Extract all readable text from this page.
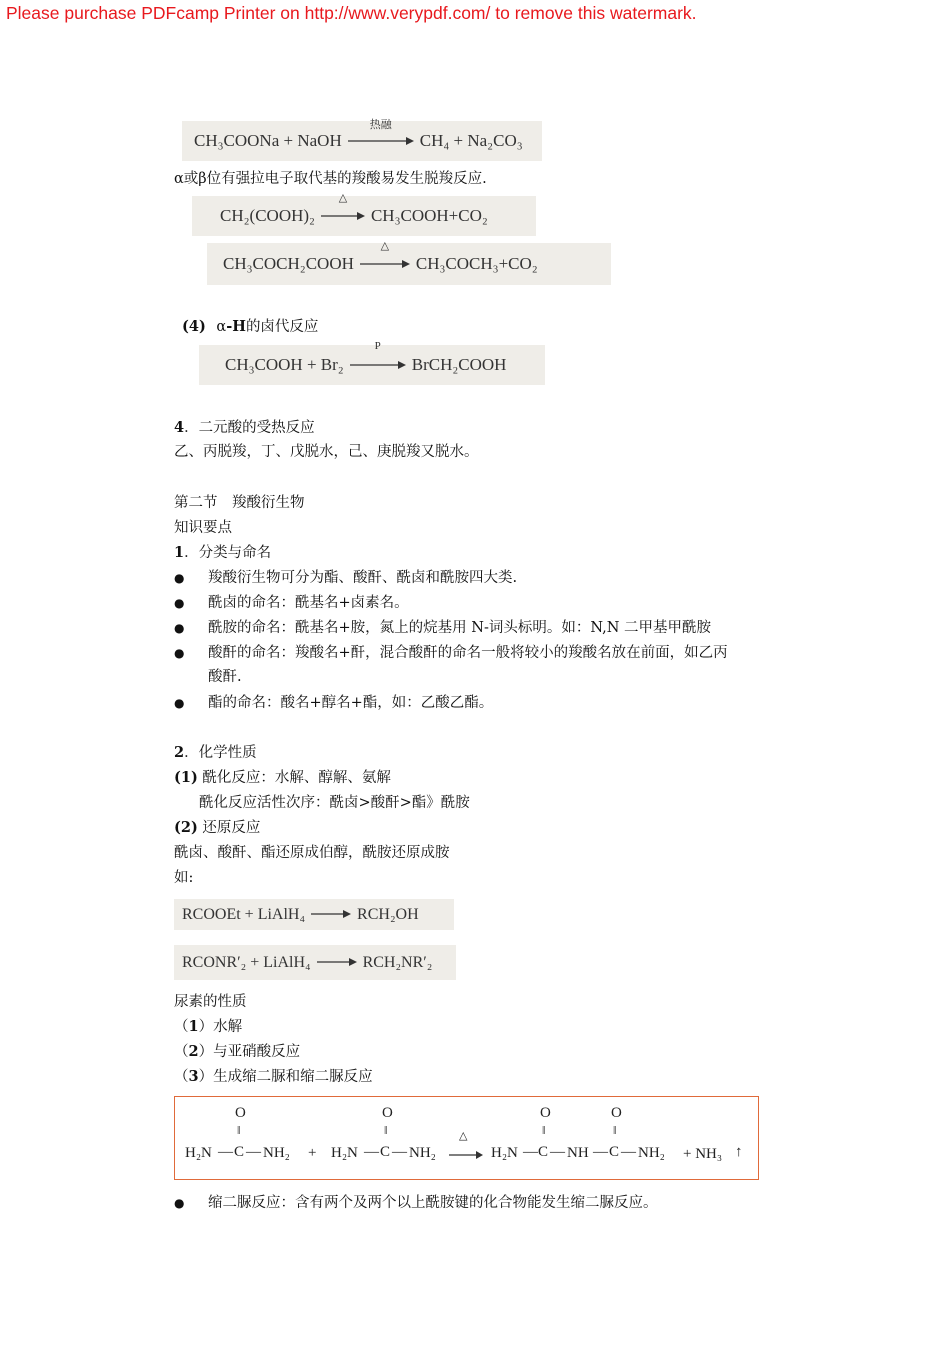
Please purchase PDFcamp Printer on http://www.verypdf.com/ to remove this watermark.
CH₃COONa + NaOH
热融
CH₄ + Na₂CO₃
α或β位有强拉电子取代基的羧酸易发生脱羧反应.
CH₂(COOH)₂
△
CH₃COOH+CO₂
CH₃COCH₂COOH
△
CH₃COCH₃+CO₂
(4) α-H的卤代反应
CH₃COOH + Br₂
P
BrCH₂COOH
4．二元酸的受热反应
乙、丙脱羧，丁、戊脱水，己、庚脱羧又脱水。
第二节　羧酸衍生物
知识要点
1．分类与命名
● 羧酸衍生物可分为酯、酸酐、酰卤和酰胺四大类.
● 酰卤的命名：酰基名+卤素名。
● 酰胺的命名：酰基名+胺，氮上的烷基用 N-词头标明。如：N,N 二甲基甲酰胺
● 酸酐的命名：羧酸名+酐，混合酸酐的命名一般将较小的羧酸名放在前面，如乙丙
酸酐.
● 酯的命名：酸名+醇名+酯，如：乙酸乙酯。
2．化学性质
(1) 酰化反应：水解、醇解、氨解
酰化反应活性次序：酰卤>酸酐>酯》酰胺
(2) 还原反应
酰卤、酸酐、酯还原成伯醇，酰胺还原成胺
如:
RCOOEt + LiAlH₄ → RCH₂OH
RCONR′₂ + LiAlH₄ → RCH₂NR′₂
尿素的性质
（1）水解
（2）与亚硝酸反应
（3）生成缩二脲和缩二脲反应
O
‖
H₂N — C — NH₂ +
O
‖
H₂N — C — NH₂
△
O
‖
H₂N — C — NH —
O
‖
C — NH₂ + NH₃ ↑
● 缩二脲反应：含有两个及两个以上酰胺键的化合物能发生缩二脲反应。
